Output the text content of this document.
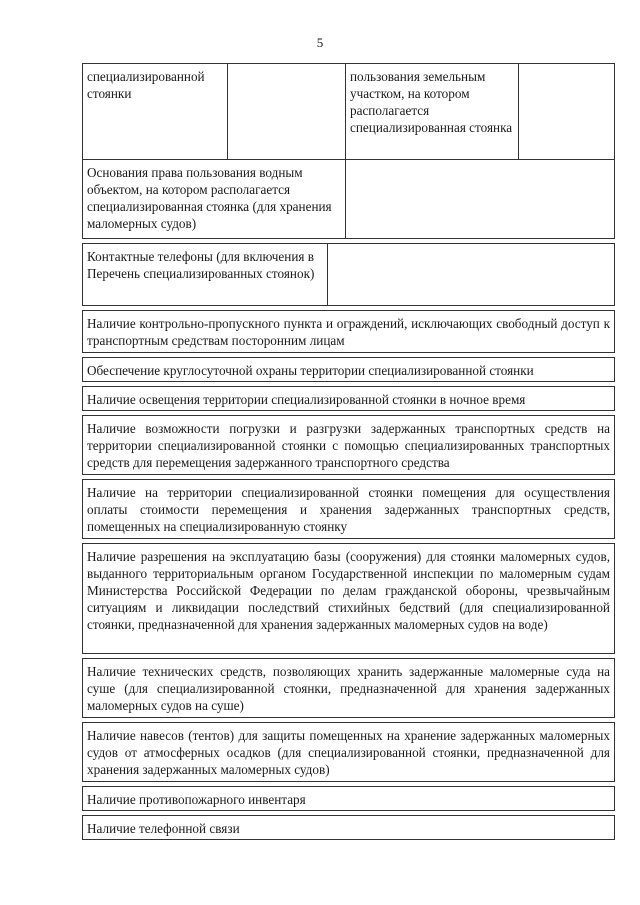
5
специализированной стоянки
пользования земельным участком, на котором располагается специализированная стоянка
Основания права пользования водным объектом, на котором располагается специализированная стоянка (для хранения маломерных судов)
Контактные телефоны (для включения в Перечень специализированных стоянок)
Наличие контрольно-пропускного пункта и ограждений, исключающих свободный доступ к транспортным средствам посторонним лицам
Обеспечение круглосуточной охраны территории специализированной стоянки
Наличие освещения территории специализированной стоянки в ночное время
Наличие возможности погрузки и разгрузки задержанных транспортных средств на территории специализированной стоянки с помощью специализированных транспортных средств для перемещения задержанного транспортного средства
Наличие на территории специализированной стоянки помещения для осуществления оплаты стоимости перемещения и хранения задержанных транспортных средств, помещенных на специализированную стоянку
Наличие разрешения на эксплуатацию базы (сооружения) для стоянки маломерных судов, выданного территориальным органом Государственной инспекции по маломерным судам Министерства Российской Федерации по делам гражданской обороны, чрезвычайным ситуациям и ликвидации последствий стихийных бедствий (для специализированной стоянки, предназначенной для хранения задержанных маломерных судов на воде)
Наличие технических средств, позволяющих хранить задержанные маломерные суда на суше (для специализированной стоянки, предназначенной для хранения задержанных маломерных судов на суше)
Наличие навесов (тентов) для защиты помещенных на хранение задержанных маломерных судов от атмосферных осадков (для специализированной стоянки, предназначенной для хранения задержанных маломерных судов)
Наличие противопожарного инвентаря
Наличие телефонной связи
